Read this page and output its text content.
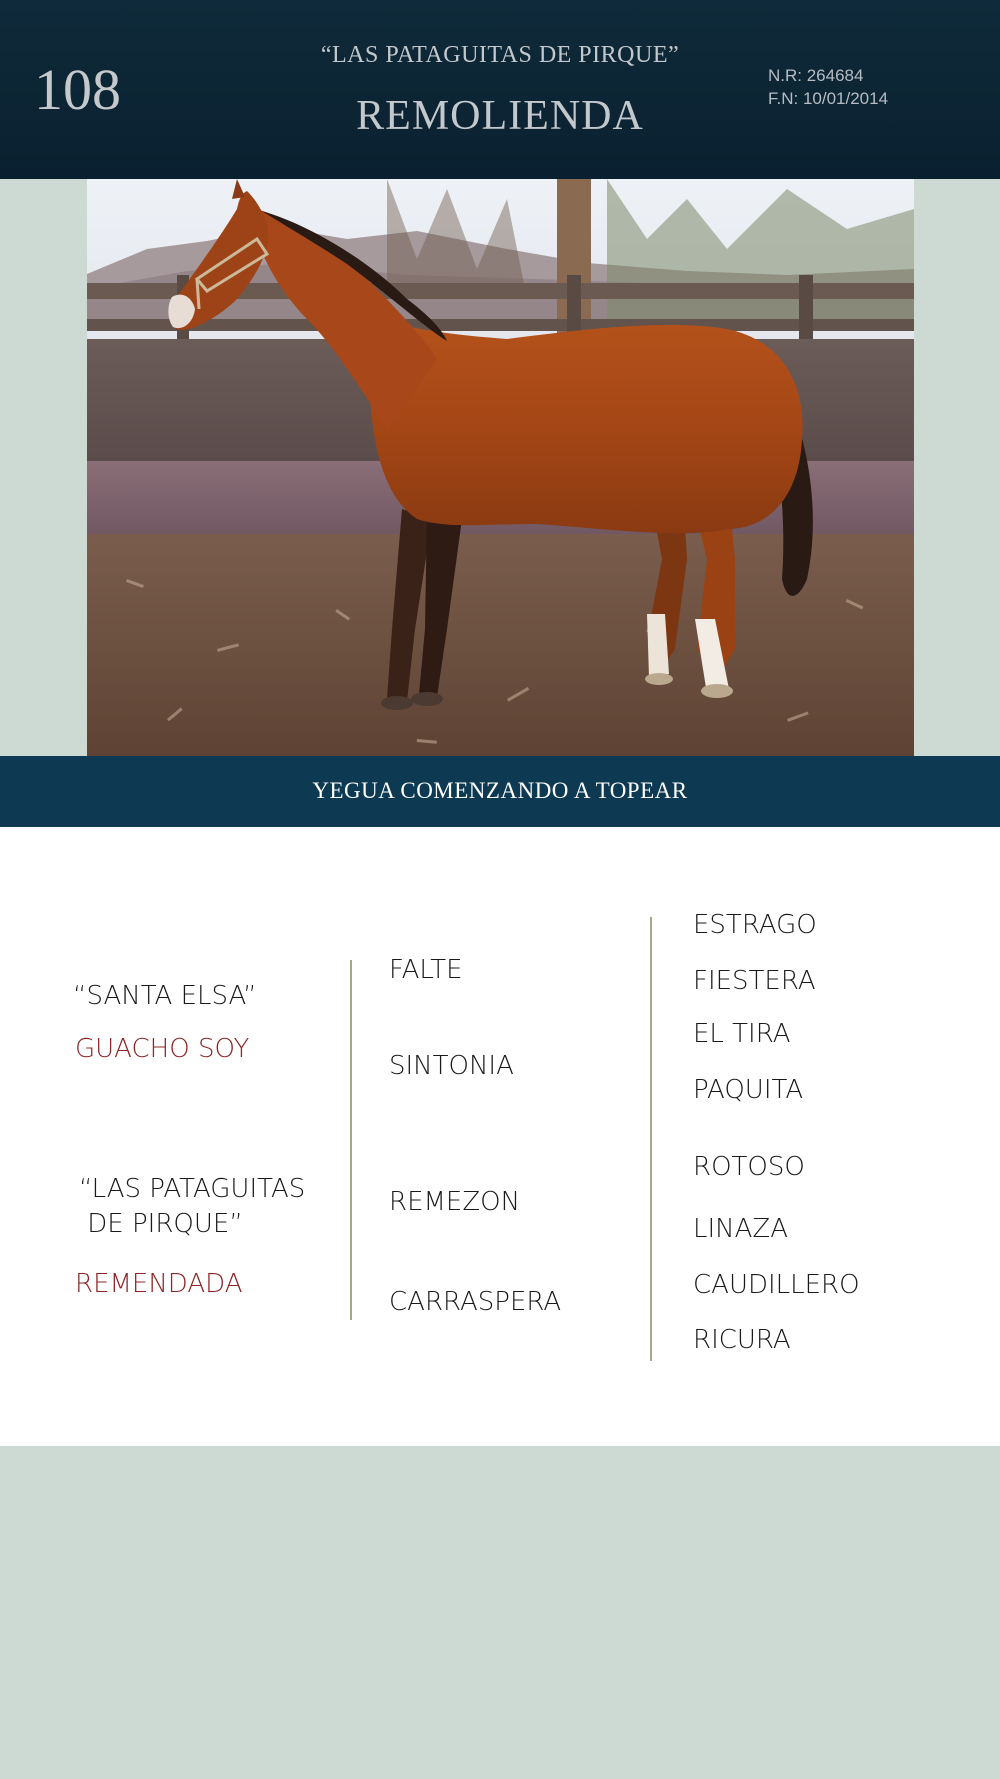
108
“LAS PATAGUITAS DE PIRQUE”
REMOLIENDA
N.R: 264684
F.N: 10/01/2014
YEGUA COMENZANDO A TOPEAR
“SANTA ELSA”
GUACHO SOY
“LAS PATAGUITAS
DE PIRQUE”
REMENDADA
FALTE
SINTONIA
REMEZON
CARRASPERA
ESTRAGO
FIESTERA
EL TIRA
PAQUITA
ROTOSO
LINAZA
CAUDILLERO
RICURA
